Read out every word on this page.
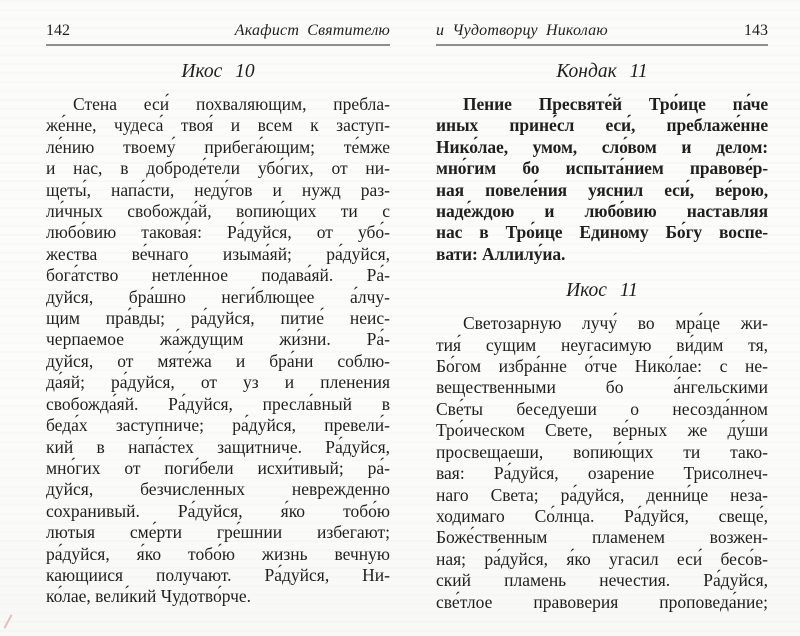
142	Акафист Святителю
Икос 10
Стена еси́ похваляющим, пребла-
же́нне, чудеса́ твоя́ и всем к заступ-
ле́нию твоему́ прибега́ющим; те́мже
и нас, в доброде́тели убо́гих, от ни-
щеты́, напа́сти, неду́гов и нужд раз-
ли́чных свобожда́й, вопию́щих ти с
любо́вию такова́я: Ра́дуйся, от убо́-
жества ве́чнаго изыма́яй; ра́дуйся,
бога́тство нетле́нное подава́яй. Ра́-
дуйся, бра́шно неги́блющее а́лчу-
щим пра́вды; ра́дуйся, питие́ неис-
черпаемое жа́ждущим жи́зни. Ра́-
дуйся, от мяте́жа и бра́ни соблю-
да́яй; ра́дуйся, от уз и пленения
свобожда́яй. Ра́дуйся, пресла́вный в
беда́х заступниче; ра́дуйся, превели́-
кий в напа́стех защитниче. Ра́дуйся,
мно́гих от поги́бели исхи́тивый; ра́-
дуйся, безчисленных неврежденно
сохранивый. Ра́дуйся, я́ко тобо́ю
лютыя сме́рти гре́шнии избегают;
ра́дуйся, я́ко тобо́ю жизнь вечную
кающиися получают. Ра́дуйся, Ни-
ко́лае, вели́кий Чудотво́рче.
и Чудотворцу Николаю	143
Кондак 11
Пение Пресвяте́й Тро́ице па́че
иных прине́сл еси́, преблаже́нне
Нико́лае, умом, сло́вом и делом:
мно́гим бо испыта́нием правове́р-
ная повеле́ния уяснил еси́, ве́рою,
наде́ждою и любо́вию наставляя
нас в Тро́ице Единому Бо́гу воспе-
вати: Аллилу́иа.
Икос 11
Светозарную лучу́ во мра́це жи-
тия́ сущим неугасимую ви́дим тя,
Бо́гом избра́нне о́тче Нико́лае: с не-
вещественными бо а́нгельскими
Све́ты беседуеши о несозда́нном
Тро́ическом Свете, ве́рных же ду́ши
просвещаеши, вопию́щих ти тако-
вая: Ра́дуйся, озарение Трисолнеч-
наго Света; ра́дуйся, денни́це неза-
ходимаго Со́лнца. Ра́дуйся, свеще́,
Боже́ственным пламенем возжен-
ная; ра́дуйся, я́ко угасил еси́ бесо́в-
ский пламень нечестия. Ра́дуйся,
све́тлое правоверия проповеда́ние;
